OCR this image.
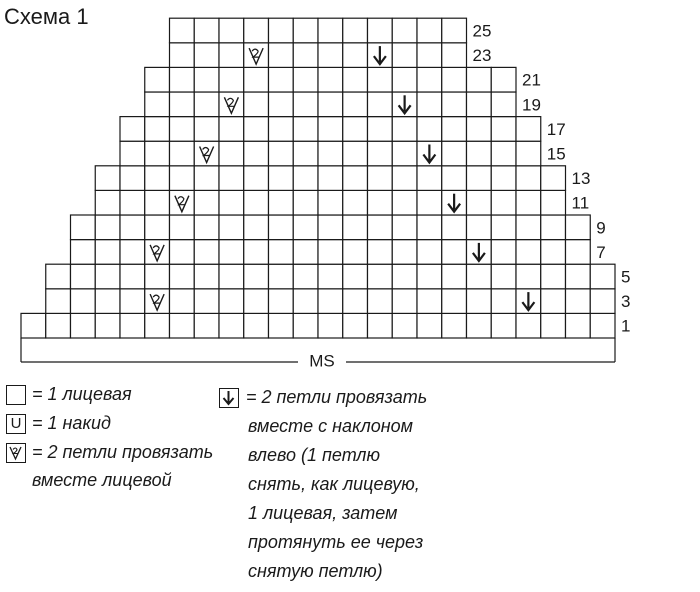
Схема 1
1
3
5
7
9
11
13
15
17
19
21
23
25
MS
= 1 лицевая
U = 1 накид
= 2 петли провязать
вместе лицевой
= 2 петли провязать
вместе с наклоном
влево (1 петлю
снять, как лицевую,
1 лицевая, затем
протянуть ее через
снятую петлю)
